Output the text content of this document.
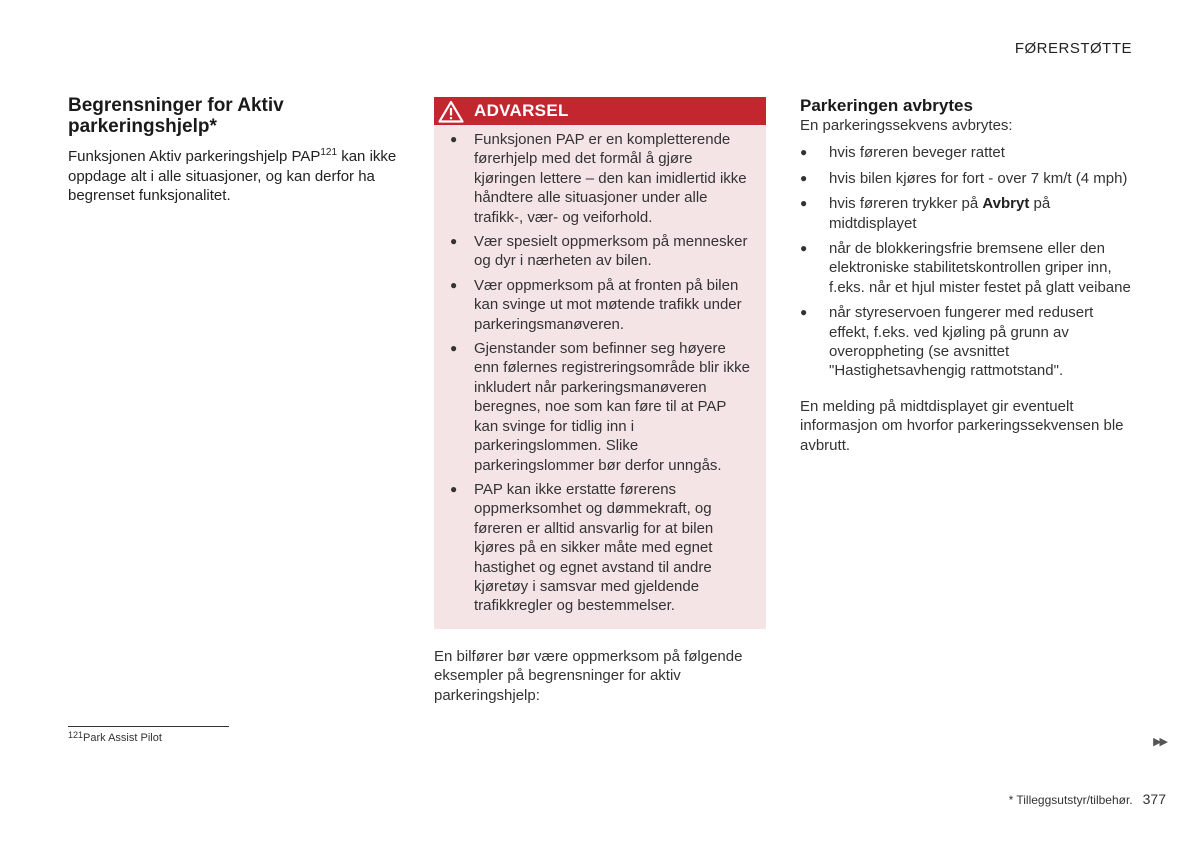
FØRERSTØTTE
Begrensninger for Aktiv parkeringshjelp*

Funksjonen Aktiv parkeringshjelp PAP$^{121}$ kan ikke oppdage alt i alle situasjoner, og kan derfor ha begrenset funksjonalitet.

ADVARSEL
● Funksjonen PAP er en kompletterende førerhjelp med det formål å gjøre kjøringen lettere – den kan imidlertid ikke håndtere alle situasjoner under alle trafikk-, vær- og veiforhold.
● Vær spesielt oppmerksom på mennesker og dyr i nærheten av bilen.
● Vær oppmerksom på at fronten på bilen kan svinge ut mot møtende trafikk under parkeringsmanøveren.
● Gjenstander som befinner seg høyere enn følernes registreringsområde blir ikke inkludert når parkeringsmanøveren beregnes, noe som kan føre til at PAP kan svinge for tidlig inn i parkeringslommen. Slike parkeringslommer bør derfor unngås.
● PAP kan ikke erstatte førerens oppmerksomhet og dømmekraft, og føreren er alltid ansvarlig for at bilen kjøres på en sikker måte med egnet hastighet og egnet avstand til andre kjøretøy i samsvar med gjeldende trafikkregler og bestemmelser.

En bilfører bør være oppmerksom på følgende eksempler på begrensninger for aktiv parkeringshjelp:

Parkeringen avbrytes

En parkeringssekvens avbrytes:

● hvis føreren beveger rattet
● hvis bilen kjøres for fort - over 7 km/t (4 mph)
● hvis føreren trykker på Avbryt på midtdisplayet
● når de blokkeringsfrie bremsene eller den elektroniske stabilitetskontrollen griper inn, f.eks. når et hjul mister festet på glatt veibane
● når styreservoen fungerer med redusert effekt, f.eks. ved kjøling på grunn av overoppheting (se avsnittet "Hastighetsavhengig rattmotstand".

En melding på midtdisplayet gir eventuelt informasjon om hvorfor parkeringssekvensen ble avbrutt.

$^{121}$Park Assist Pilot	▶▶
* Tilleggsutstyr/tilbehør. 377
